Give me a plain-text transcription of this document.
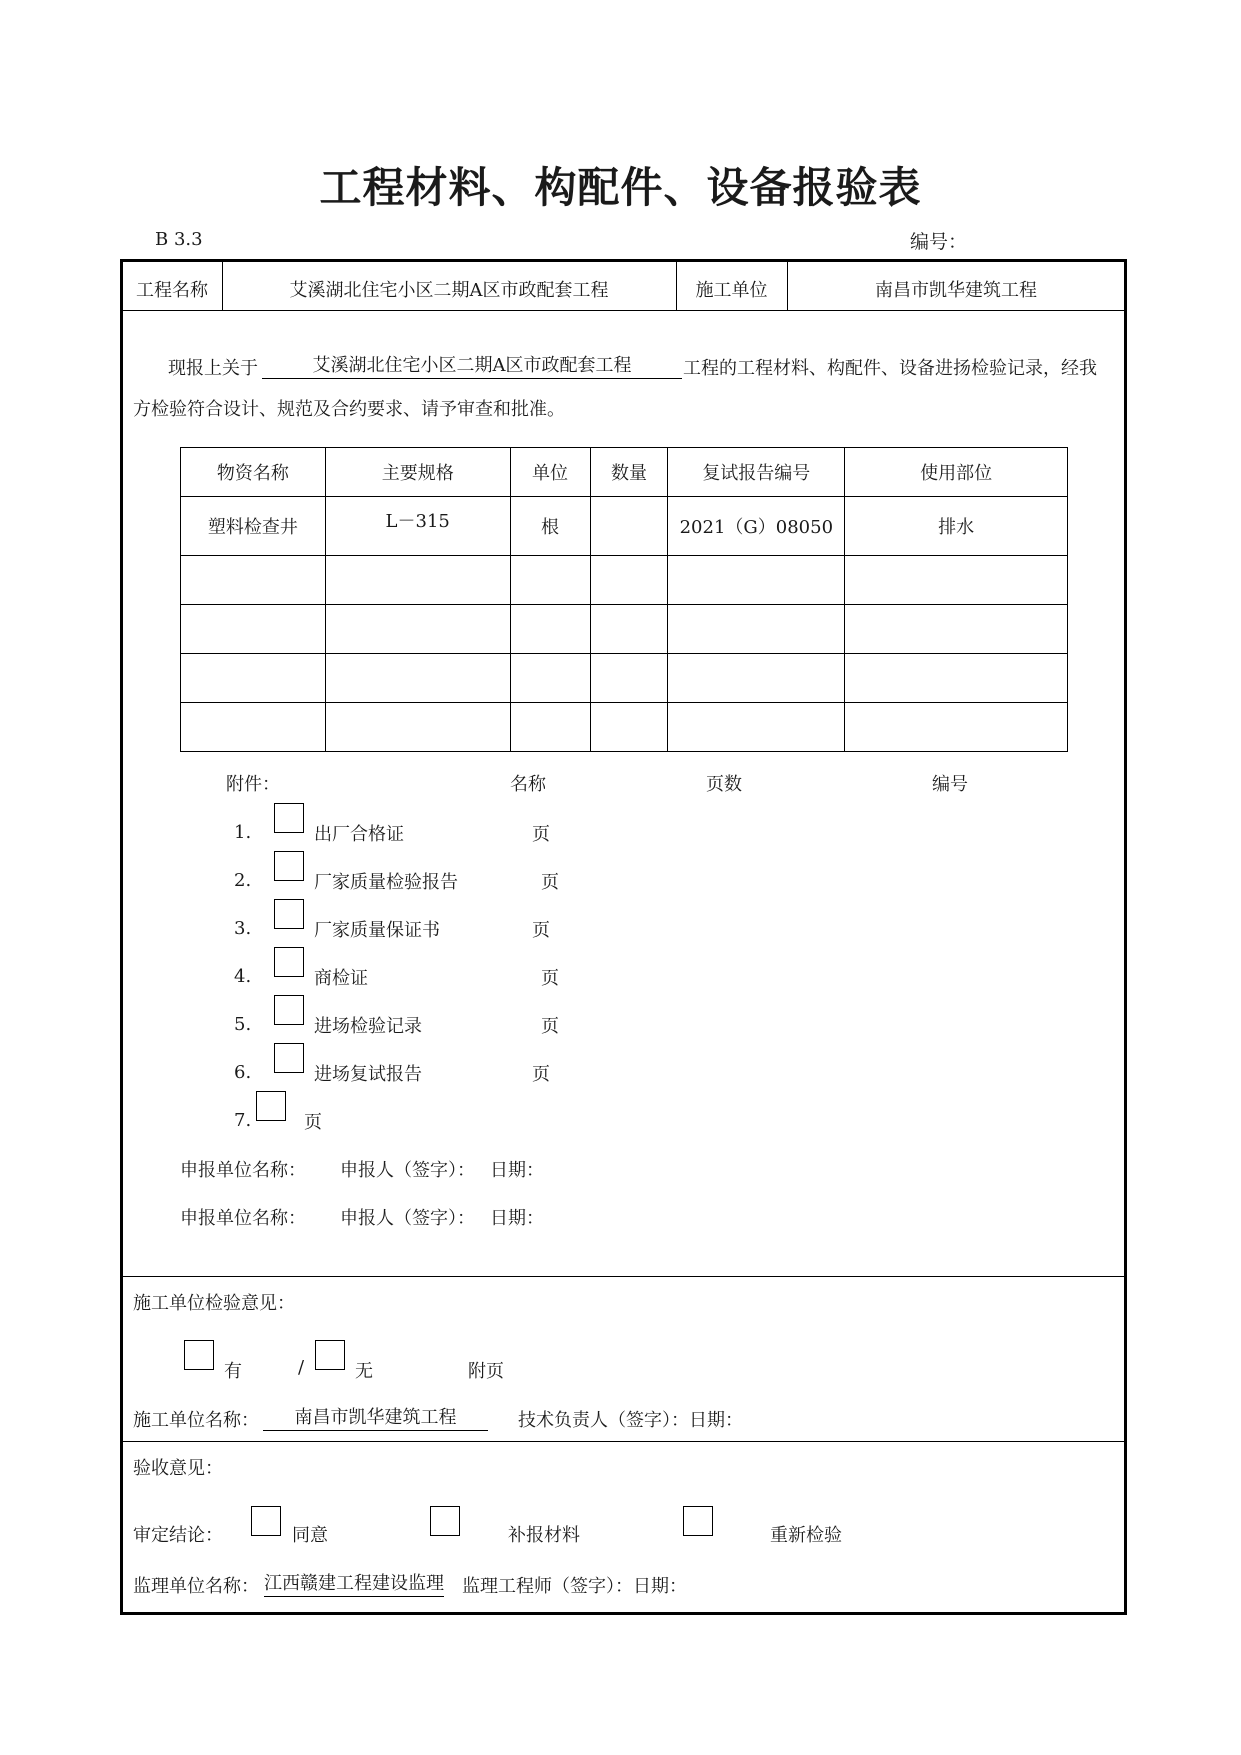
工程材料、构配件、设备报验表
B 3.3	编号：
工程名称	艾溪湖北住宅小区二期A区市政配套工程	施工单位	南昌市凯华建筑工程
现报上关于	艾溪湖北住宅小区二期A区市政配套工程	工程的工程材料、构配件、设备进扬检验记录，经我
方检验符合设计、规范及合约要求、请予审查和批准。
物资名称	主要规格	单位	数量	复试报告编号	使用部位
塑料检查井	L－315	根		2021（G）08050	排水

附件：	名称	页数	编号
1.	出厂合格证	页
2.	厂家质量检验报告	页
3.	厂家质量保证书	页
4.	商检证	页
5.	进场检验记录	页
6.	进场复试报告	页
7.	页
申报单位名称： 申报人（签字）： 日期：
申报单位名称： 申报人（签字）： 日期：
施工单位检验意见：
有	/	无	附页
施工单位名称：	南昌市凯华建筑工程	技术负责人（签字）：日期：
验收意见：
审定结论：	同意	补报材料	重新检验
监理单位名称： 江西赣建工程建设监理 监理工程师（签字）：日期：
